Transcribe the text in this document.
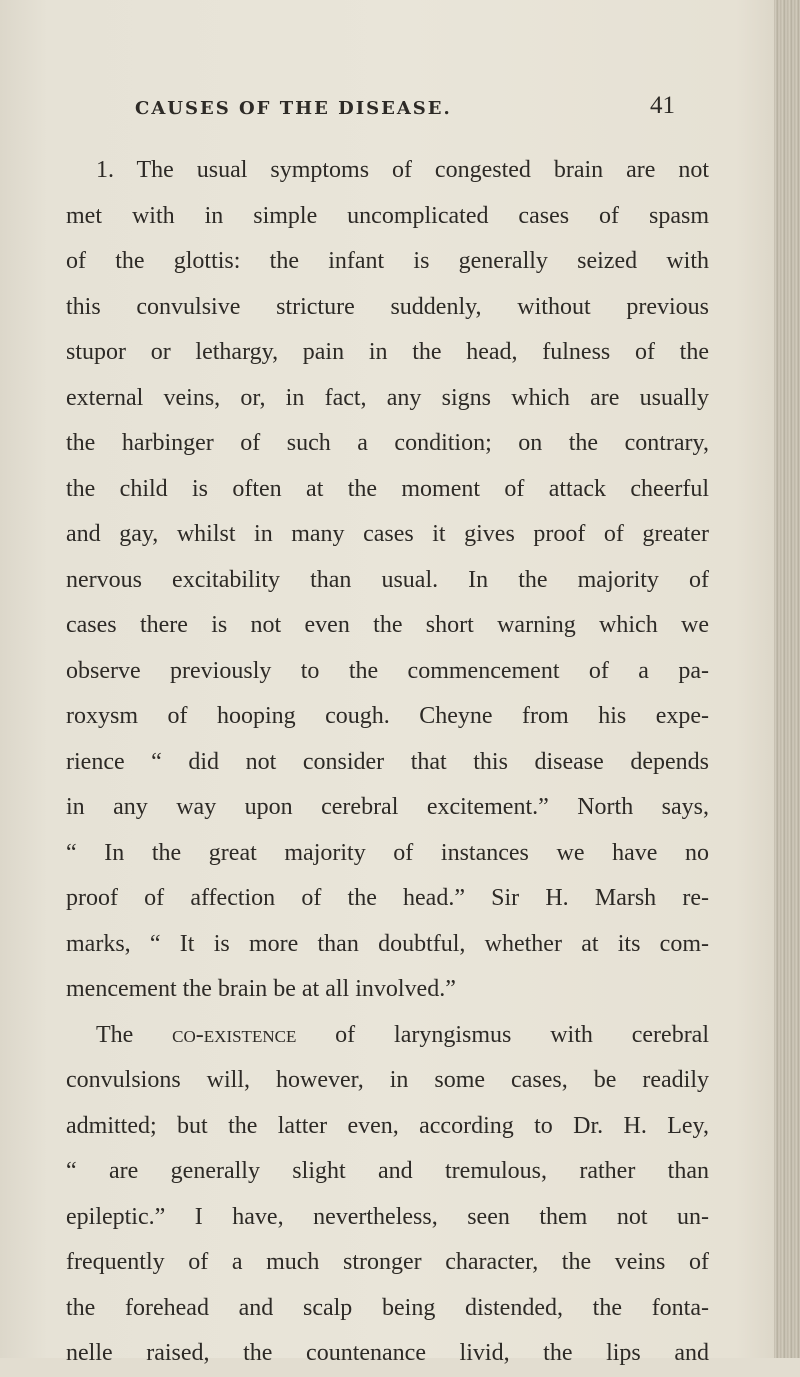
CAUSES OF THE DISEASE.	41
1. The usual symptoms of congested brain are not
met with in simple uncomplicated cases of spasm
of the glottis: the infant is generally seized with
this convulsive stricture suddenly, without previous
stupor or lethargy, pain in the head, fulness of the
external veins, or, in fact, any signs which are usually
the harbinger of such a condition; on the contrary,
the child is often at the moment of attack cheerful
and gay, whilst in many cases it gives proof of greater
nervous excitability than usual. In the majority of
cases there is not even the short warning which we
observe previously to the commencement of a pa-
roxysm of hooping cough. Cheyne from his expe-
rience “ did not consider that this disease depends
in any way upon cerebral excitement.” North says,
“ In the great majority of instances we have no
proof of affection of the head.” Sir H. Marsh re-
marks, “ It is more than doubtful, whether at its com-
mencement the brain be at all involved.”
The co-existence of laryngismus with cerebral
convulsions will, however, in some cases, be readily
admitted; but the latter even, according to Dr. H. Ley,
“ are generally slight and tremulous, rather than
epileptic.” I have, nevertheless, seen them not un-
frequently of a much stronger character, the veins of
the forehead and scalp being distended, the fonta-
nelle raised, the countenance livid, the lips and
